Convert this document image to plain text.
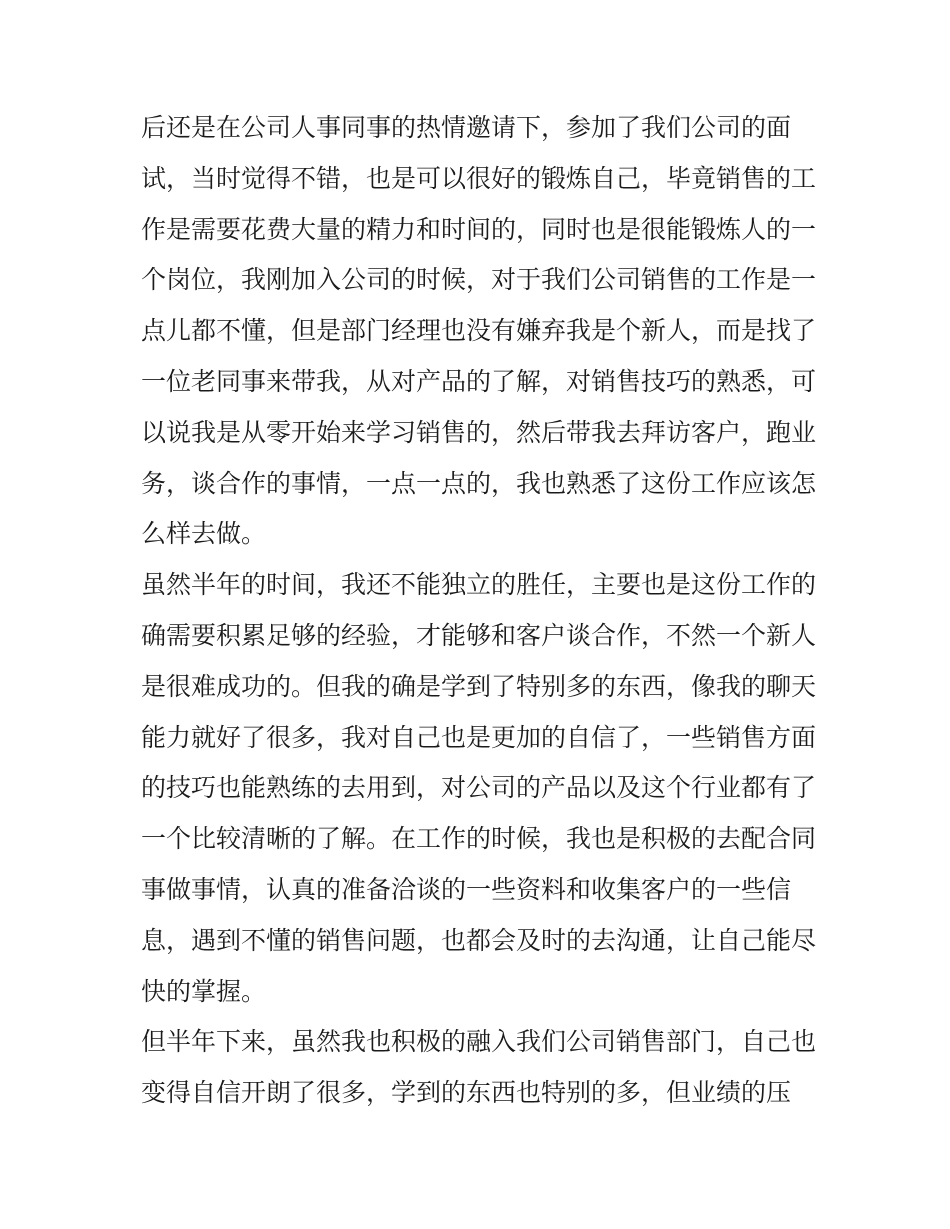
后还是在公司人事同事的热情邀请下，参加了我们公司的面
试，当时觉得不错，也是可以很好的锻炼自己，毕竟销售的工
作是需要花费大量的精力和时间的，同时也是很能锻炼人的一
个岗位，我刚加入公司的时候，对于我们公司销售的工作是一
点儿都不懂，但是部门经理也没有嫌弃我是个新人，而是找了
一位老同事来带我，从对产品的了解，对销售技巧的熟悉，可
以说我是从零开始来学习销售的，然后带我去拜访客户，跑业
务，谈合作的事情，一点一点的，我也熟悉了这份工作应该怎
么样去做。
虽然半年的时间，我还不能独立的胜任，主要也是这份工作的
确需要积累足够的经验，才能够和客户谈合作，不然一个新人
是很难成功的。但我的确是学到了特别多的东西，像我的聊天
能力就好了很多，我对自己也是更加的自信了，一些销售方面
的技巧也能熟练的去用到，对公司的产品以及这个行业都有了
一个比较清晰的了解。在工作的时候，我也是积极的去配合同
事做事情，认真的准备洽谈的一些资料和收集客户的一些信
息，遇到不懂的销售问题，也都会及时的去沟通，让自己能尽
快的掌握。
但半年下来，虽然我也积极的融入我们公司销售部门，自己也
变得自信开朗了很多，学到的东西也特别的多，但业绩的压
